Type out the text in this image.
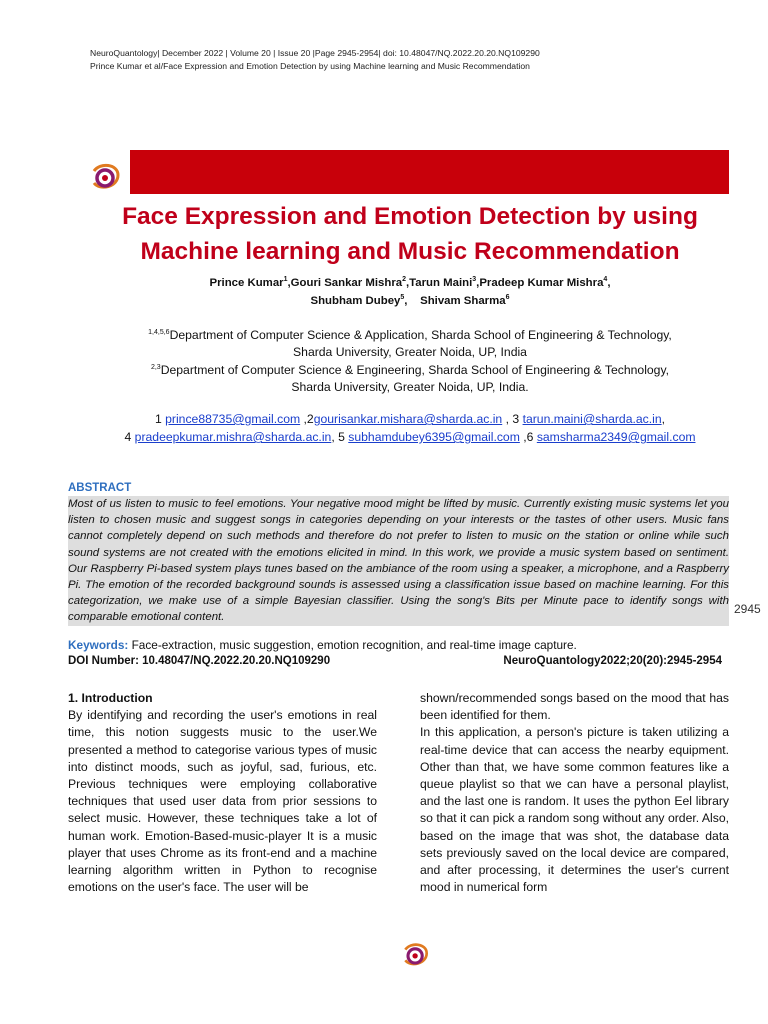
NeuroQuantology| December 2022 | Volume 20 | Issue 20 |Page 2945-2954| doi: 10.48047/NQ.2022.20.20.NQ109290
Prince Kumar et al/Face Expression and Emotion Detection by using Machine learning and Music Recommendation
Face Expression and Emotion Detection by using
Machine learning and Music Recommendation
Prince Kumar$^1$,Gouri Sankar Mishra$^2$,Tarun Maini$^3$,Pradeep Kumar Mishra$^4$,
Shubham Dubey$^5$,    Shivam Sharma$^6$
$^{1,4,5,6}$Department of Computer Science & Application, Sharda School of Engineering & Technology,
Sharda University, Greater Noida, UP, India
$^{2,3}$Department of Computer Science & Engineering, Sharda School of Engineering & Technology,
Sharda University, Greater Noida, UP, India.
1 prince88735@gmail.com ,2gourisankar.mishara@sharda.ac.in , 3 tarun.maini@sharda.ac.in,
4 pradeepkumar.mishra@sharda.ac.in, 5 subhamdubey6395@gmail.com ,6 samsharma2349@gmail.com
ABSTRACT

Most of us listen to music to feel emotions. Your negative mood might be lifted by music. Currently existing music systems let you listen to chosen music and suggest songs in categories depending on your interests or the tastes of other users. Music fans cannot completely depend on such methods and therefore do not prefer to listen to music on the station or online while such sound systems are not created with the emotions elicited in mind. In this work, we provide a music system based on sentiment. Our Raspberry Pi-based system plays tunes based on the ambiance of the room using a speaker, a microphone, and a Raspberry Pi. The emotion of the recorded background sounds is assessed using a classification issue based on machine learning. For this categorization, we make use of a simple Bayesian classifier. Using the song's Bits per Minute pace to identify songs with comparable emotional content.

2945
Keywords: Face-extraction, music suggestion, emotion recognition, and real-time image capture.
DOI Number: 10.48047/NQ.2022.20.20.NQ109290	NeuroQuantology2022;20(20):2945-2954

1. Introduction

By identifying and recording the user's emotions in real time, this notion suggests music to the user.We presented a method to categorise various types of music into distinct moods, such as joyful, sad, furious, etc. Previous techniques were employing collaborative techniques that used user data from prior sessions to select music. However, these techniques take a lot of human work. Emotion-Based-music-player It is a music player that uses Chrome as its front-end and a machine learning algorithm written in Python to recognise emotions on the user's face. The user will be

shown/recommended songs based on the mood that has been identified for them.

In this application, a person's picture is taken utilizing a real-time device that can access the nearby equipment. Other than that, we have some common features like a queue playlist so that we can have a personal playlist, and the last one is random. It uses the python Eel library so that it can pick a random song without any order. Also, based on the image that was shot, the database data sets previously saved on the local device are compared, and after processing, it determines the user's current mood in numerical form
